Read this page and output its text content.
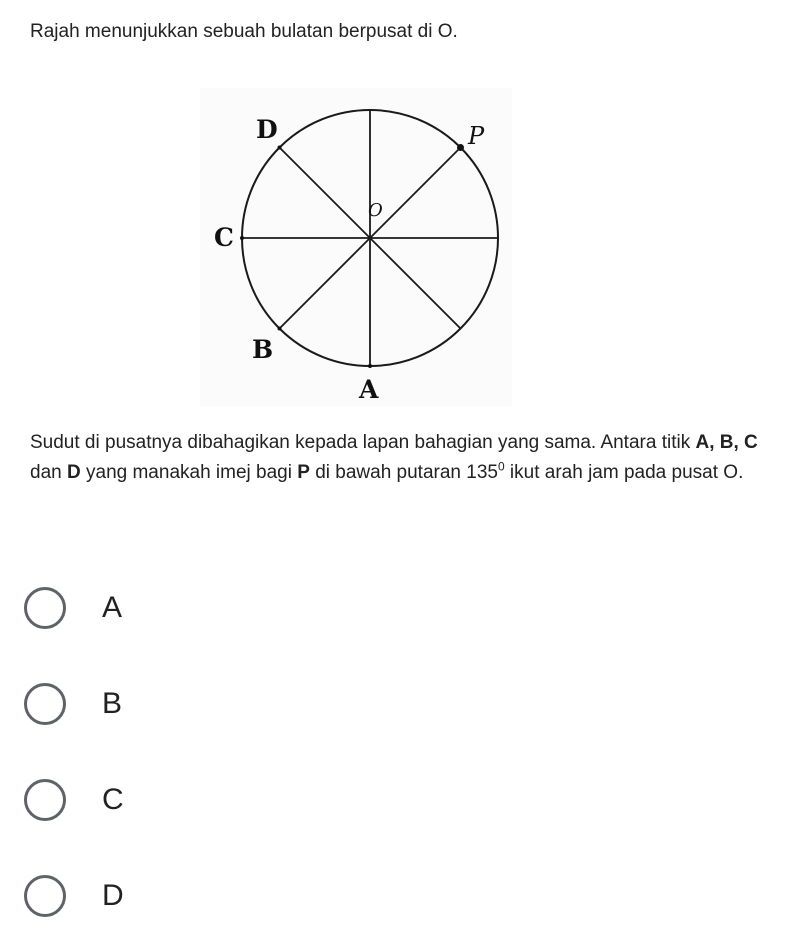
Rajah menunjukkan sebuah bulatan berpusat di O.

D	P
O
C
B
A

Sudut di pusatnya dibahagikan kepada lapan bahagian yang sama. Antara titik A, B, C dan D yang manakah imej bagi P di bawah putaran $135^0$ ikut arah jam pada pusat O.

A
B
C
D
